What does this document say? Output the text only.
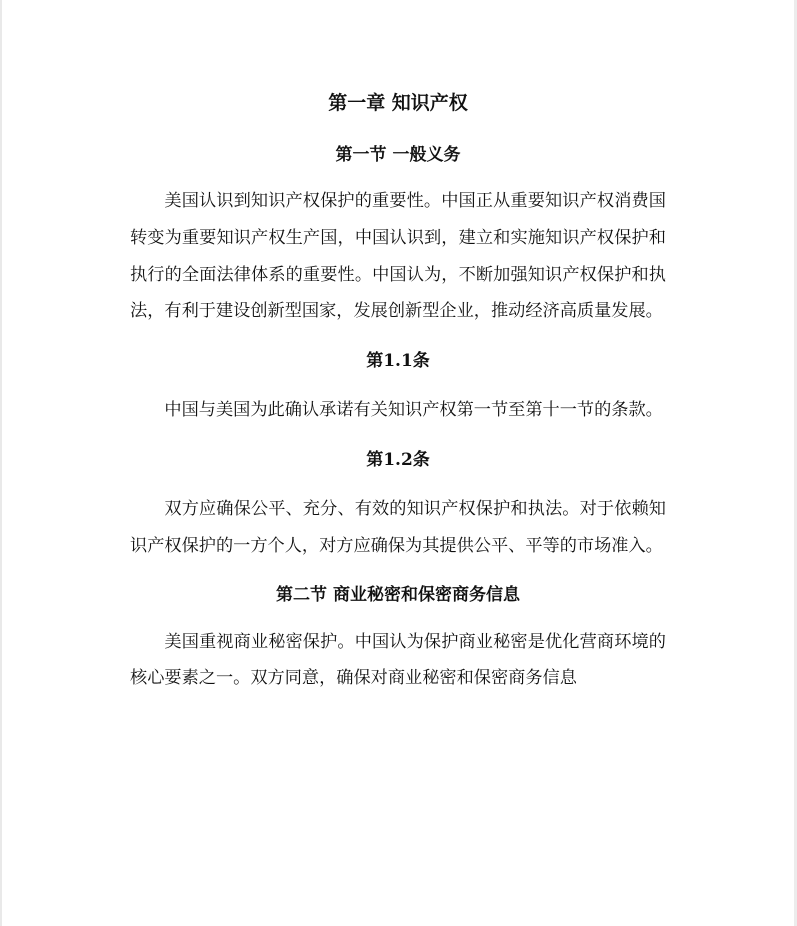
第一章 知识产权
第一节 一般义务

美国认识到知识产权保护的重要性。中国正从重要知识产权消费国转变为重要知识产权生产国，中国认识到，建立和实施知识产权保护和执行的全面法律体系的重要性。中国认为，不断加强知识产权保护和执法，有利于建设创新型国家，发展创新型企业，推动经济高质量发展。

第1.1条

中国与美国为此确认承诺有关知识产权第一节至第十一节的条款。

第1.2条

双方应确保公平、充分、有效的知识产权保护和执法。对于依赖知识产权保护的一方个人，对方应确保为其提供公平、平等的市场准入。

第二节 商业秘密和保密商务信息

美国重视商业秘密保护。中国认为保护商业秘密是优化营商环境的核心要素之一。双方同意，确保对商业秘密和保密商务信息
